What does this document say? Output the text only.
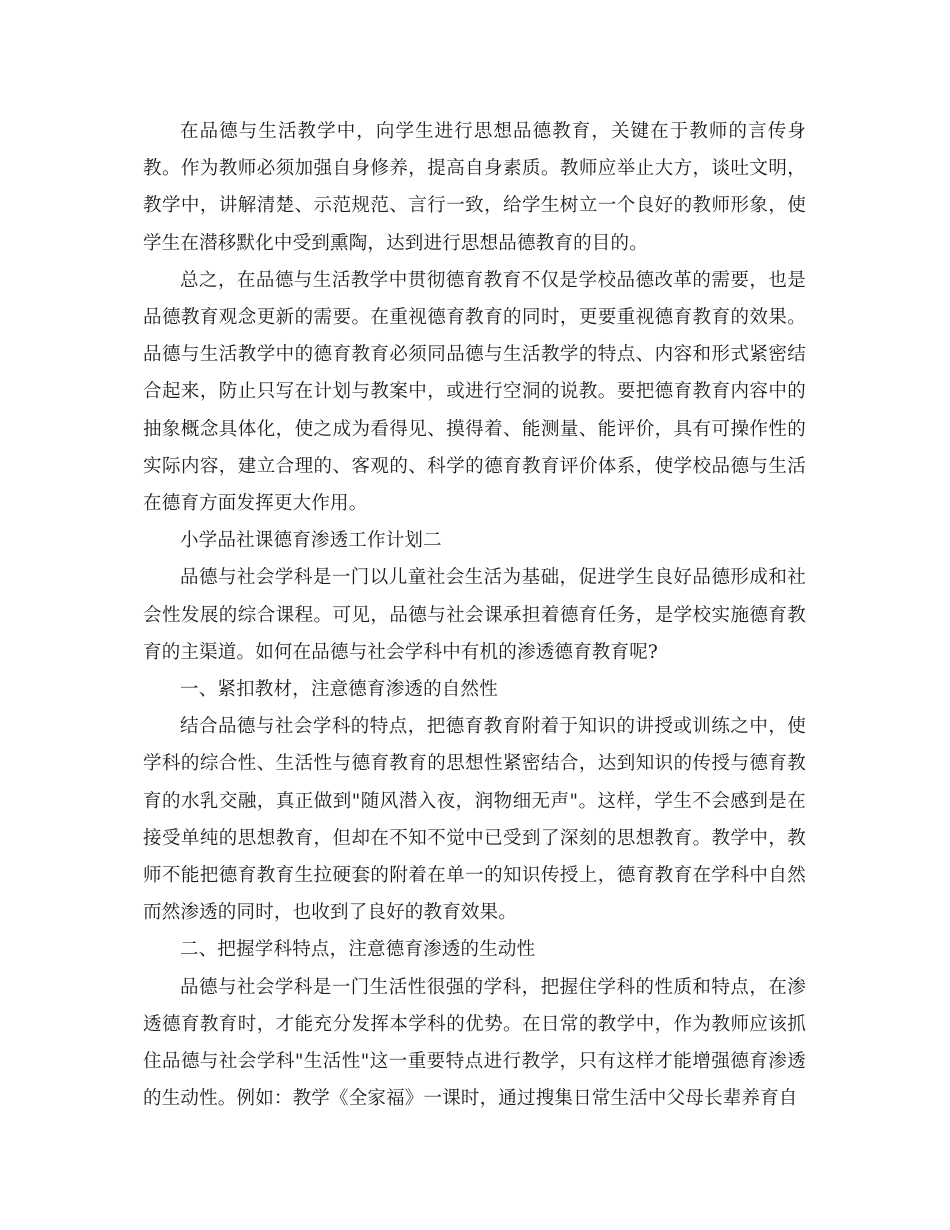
在品德与生活教学中，向学生进行思想品德教育，关键在于教师的言传身教。作为教师必须加强自身修养，提高自身素质。教师应举止大方，谈吐文明，教学中，讲解清楚、示范规范、言行一致，给学生树立一个良好的教师形象，使学生在潜移默化中受到熏陶，达到进行思想品德教育的目的。

总之，在品德与生活教学中贯彻德育教育不仅是学校品德改革的需要，也是品德教育观念更新的需要。在重视德育教育的同时，更要重视德育教育的效果。品德与生活教学中的德育教育必须同品德与生活教学的特点、内容和形式紧密结合起来，防止只写在计划与教案中，或进行空洞的说教。要把德育教育内容中的抽象概念具体化，使之成为看得见、摸得着、能测量、能评价，具有可操作性的实际内容，建立合理的、客观的、科学的德育教育评价体系，使学校品德与生活在德育方面发挥更大作用。

小学品社课德育渗透工作计划二

品德与社会学科是一门以儿童社会生活为基础，促进学生良好品德形成和社会性发展的综合课程。可见，品德与社会课承担着德育任务，是学校实施德育教育的主渠道。如何在品德与社会学科中有机的渗透德育教育呢?

一、紧扣教材，注意德育渗透的自然性

结合品德与社会学科的特点，把德育教育附着于知识的讲授或训练之中，使学科的综合性、生活性与德育教育的思想性紧密结合，达到知识的传授与德育教育的水乳交融，真正做到"随风潜入夜，润物细无声"。这样，学生不会感到是在接受单纯的思想教育，但却在不知不觉中已受到了深刻的思想教育。教学中，教师不能把德育教育生拉硬套的附着在单一的知识传授上，德育教育在学科中自然而然渗透的同时，也收到了良好的教育效果。

二、把握学科特点，注意德育渗透的生动性

品德与社会学科是一门生活性很强的学科，把握住学科的性质和特点，在渗透德育教育时，才能充分发挥本学科的优势。在日常的教学中，作为教师应该抓住品德与社会学科"生活性"这一重要特点进行教学，只有这样才能增强德育渗透的生动性。例如：教学《全家福》一课时，通过搜集日常生活中父母长辈养育自
